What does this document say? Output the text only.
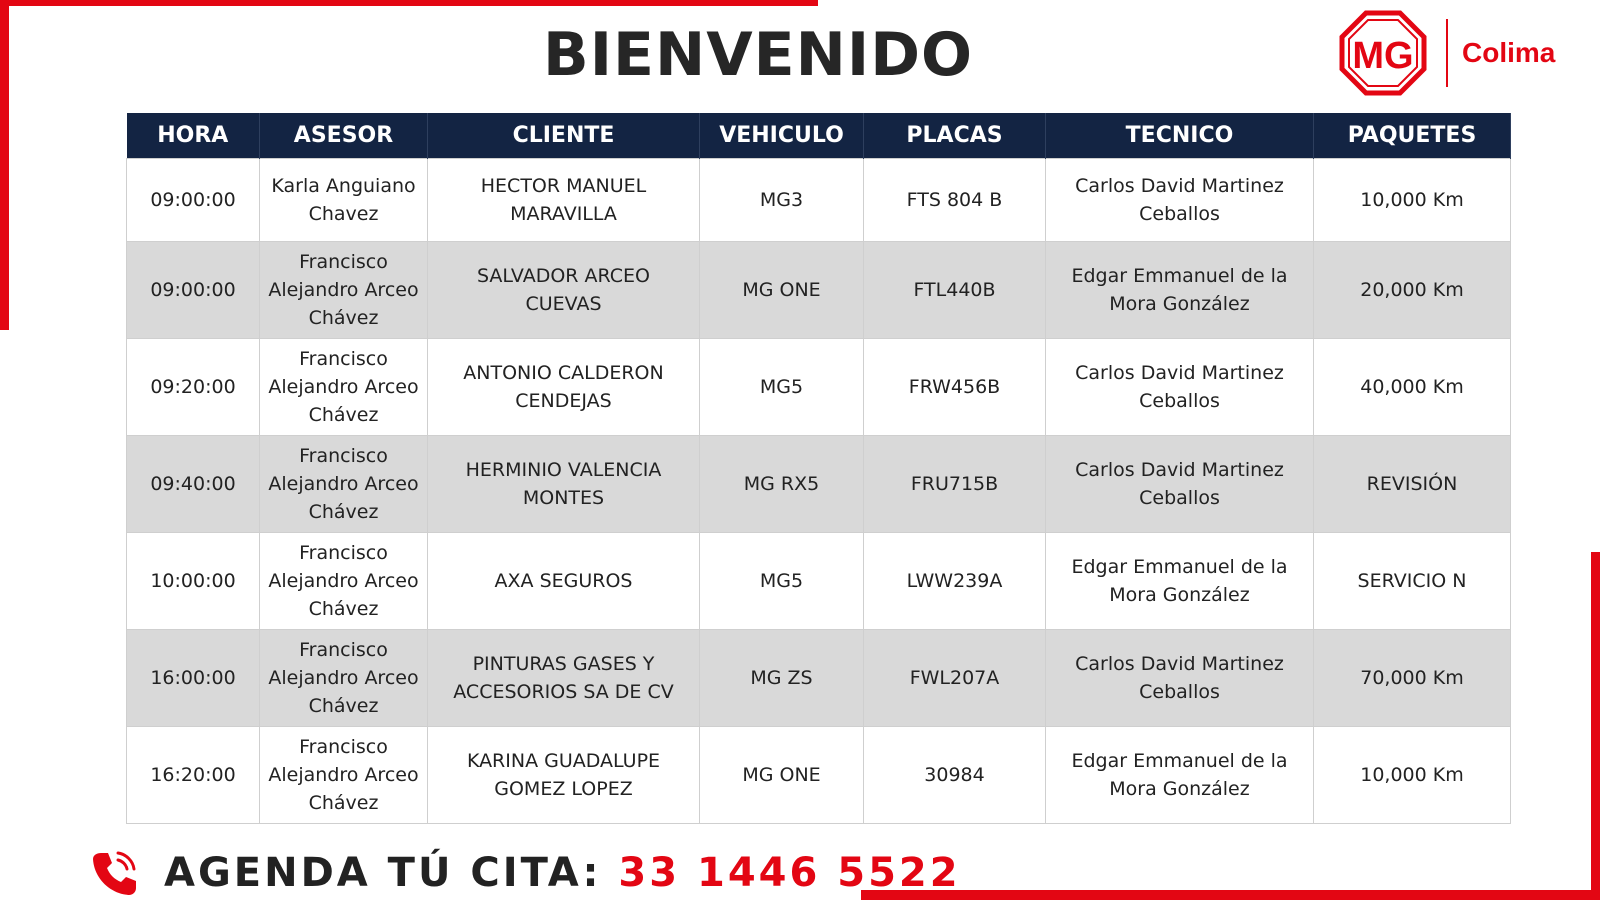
BIENVENIDO	MG Colima
HORA	ASESOR	CLIENTE	VEHICULO	PLACAS	TECNICO	PAQUETES
09:00:00	Karla Anguiano Chavez	HECTOR MANUEL MARAVILLA	MG3	FTS 804 B	Carlos David Martinez Ceballos	10,000 Km
09:00:00	Francisco Alejandro Arceo Chávez	SALVADOR ARCEO CUEVAS	MG ONE	FTL440B	Edgar Emmanuel de la Mora González	20,000 Km
09:20:00	Francisco Alejandro Arceo Chávez	ANTONIO CALDERON CENDEJAS	MG5	FRW456B	Carlos David Martinez Ceballos	40,000 Km
09:40:00	Francisco Alejandro Arceo Chávez	HERMINIO VALENCIA MONTES	MG RX5	FRU715B	Carlos David Martinez Ceballos	REVISIÓN
10:00:00	Francisco Alejandro Arceo Chávez	AXA SEGUROS	MG5	LWW239A	Edgar Emmanuel de la Mora González	SERVICIO N
16:00:00	Francisco Alejandro Arceo Chávez	PINTURAS GASES Y ACCESORIOS SA DE CV	MG ZS	FWL207A	Carlos David Martinez Ceballos	70,000 Km
16:20:00	Francisco Alejandro Arceo Chávez	KARINA GUADALUPE GOMEZ LOPEZ	MG ONE	30984	Edgar Emmanuel de la Mora González	10,000 Km
AGENDA TÚ CITA: 33 1446 5522
